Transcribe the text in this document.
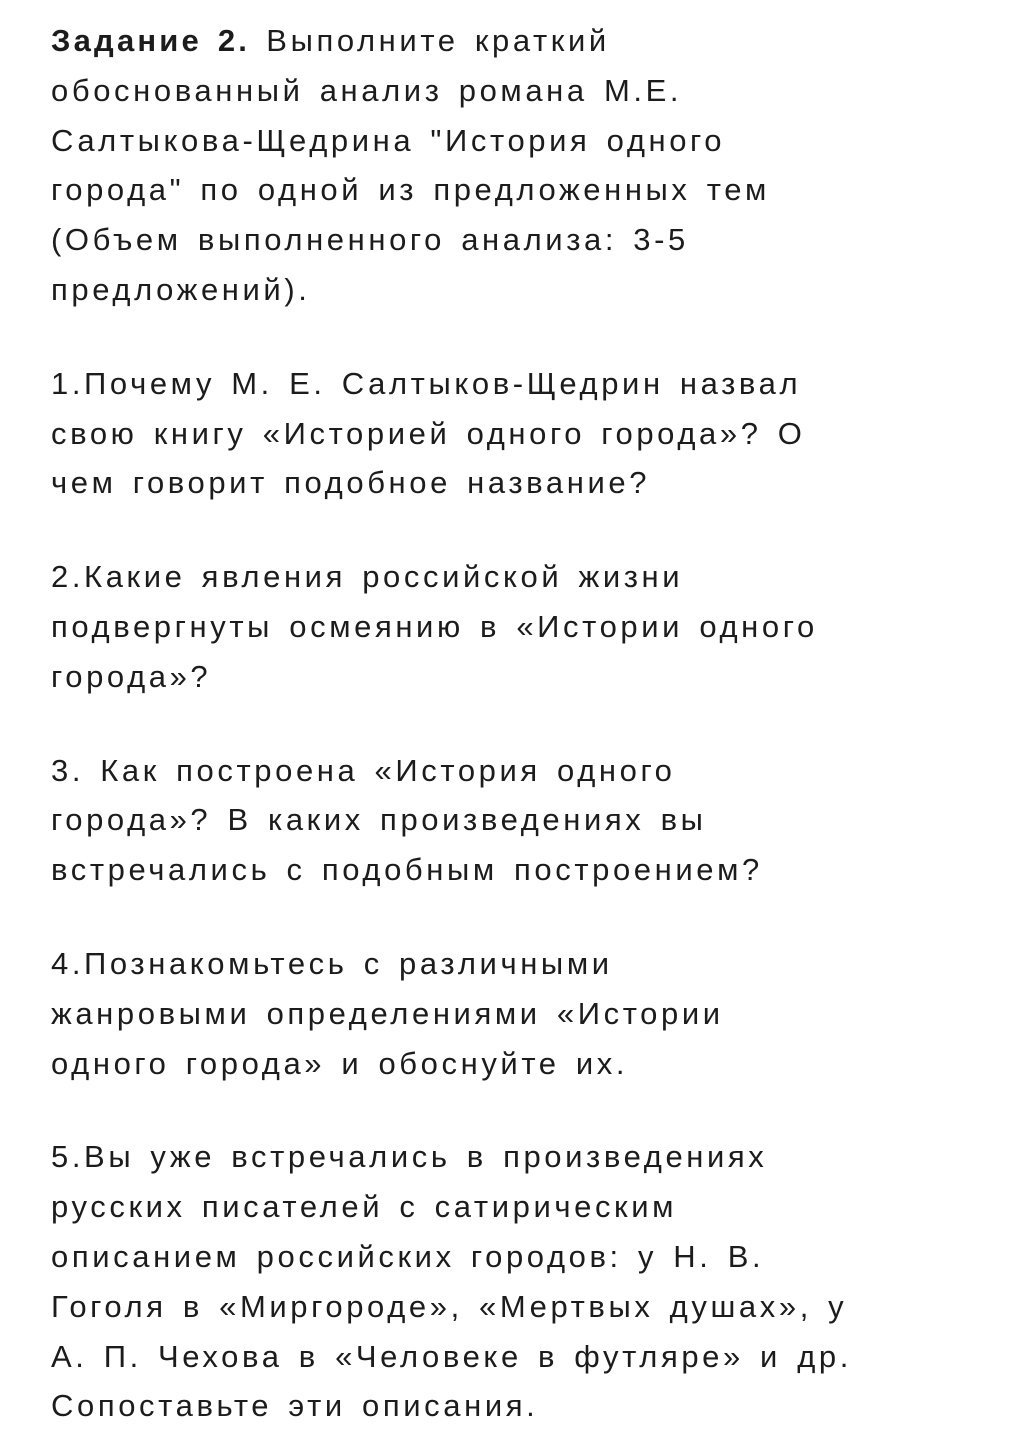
Задание 2. Выполните краткий
обоснованный анализ романа М.Е.
Салтыкова-Щедрина "История одного
города" по одной из предложенных тем
(Объем выполненного анализа: 3-5
предложений).

1.Почему М. Е. Салтыков-Щедрин назвал
свою книгу «Историей одного города»? О
чем говорит подобное название?

2.Какие явления российской жизни
подвергнуты осмеянию в «Истории одного
города»?

3. Как построена «История одного
города»? В каких произведениях вы
встречались с подобным построением?

4.Познакомьтесь с различными
жанровыми определениями «Истории
одного города» и обоснуйте их.

5.Вы уже встречались в произведениях
русских писателей с сатирическим
описанием российских городов: у Н. В.
Гоголя в «Миргороде», «Мертвых душах», у
А. П. Чехова в «Человеке в футляре» и др.
Сопоставьте эти описания.
